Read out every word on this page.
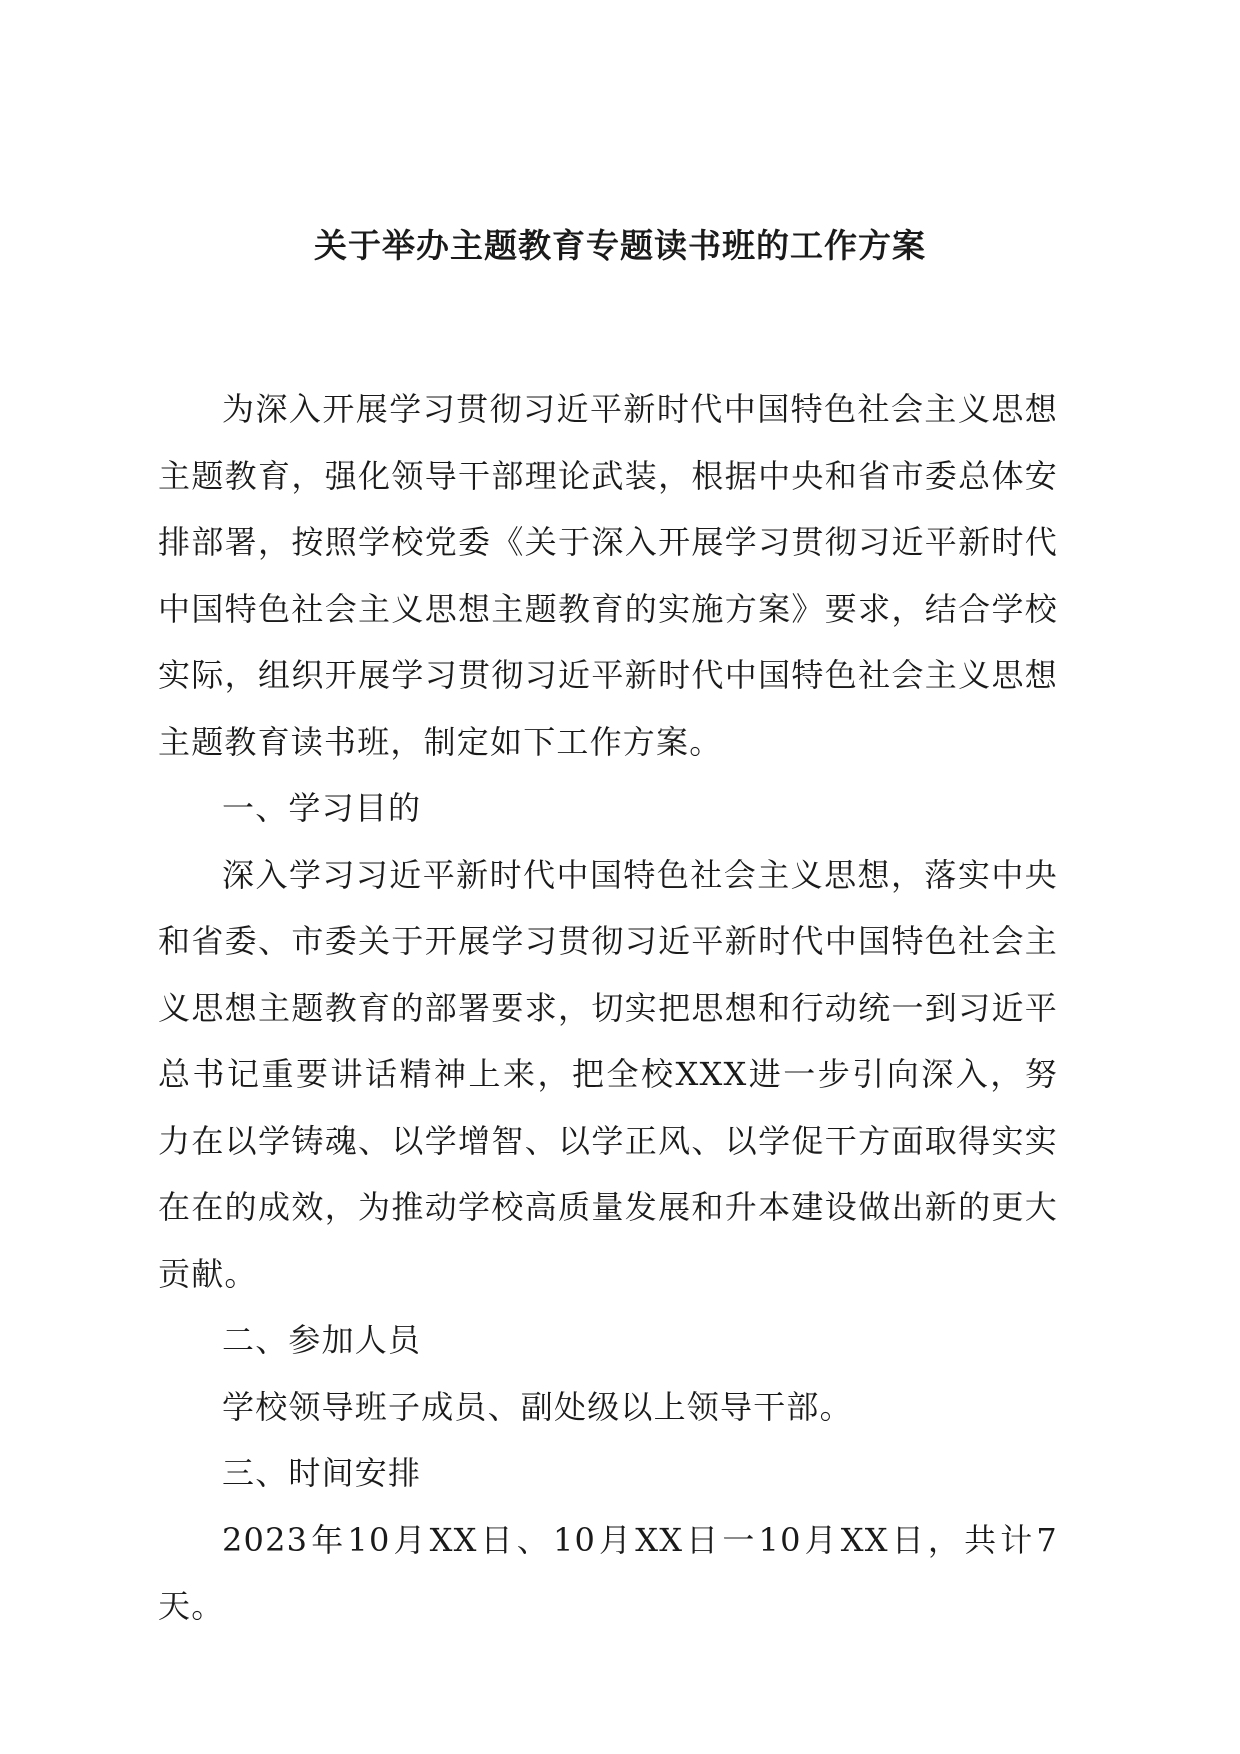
关于举办主题教育专题读书班的工作方案

为深入开展学习贯彻习近平新时代中国特色社会主义思想主题教育，强化领导干部理论武装，根据中央和省市委总体安排部署，按照学校党委《关于深入开展学习贯彻习近平新时代中国特色社会主义思想主题教育的实施方案》要求，结合学校实际，组织开展学习贯彻习近平新时代中国特色社会主义思想主题教育读书班，制定如下工作方案。

一、学习目的

深入学习习近平新时代中国特色社会主义思想，落实中央和省委、市委关于开展学习贯彻习近平新时代中国特色社会主义思想主题教育的部署要求，切实把思想和行动统一到习近平总书记重要讲话精神上来，把全校XXX进一步引向深入，努力在以学铸魂、以学增智、以学正风、以学促干方面取得实实在在的成效，为推动学校高质量发展和升本建设做出新的更大贡献。

二、参加人员

学校领导班子成员、副处级以上领导干部。

三、时间安排

2023年10月XX日、10月XX日一10月XX日，共计7天。
